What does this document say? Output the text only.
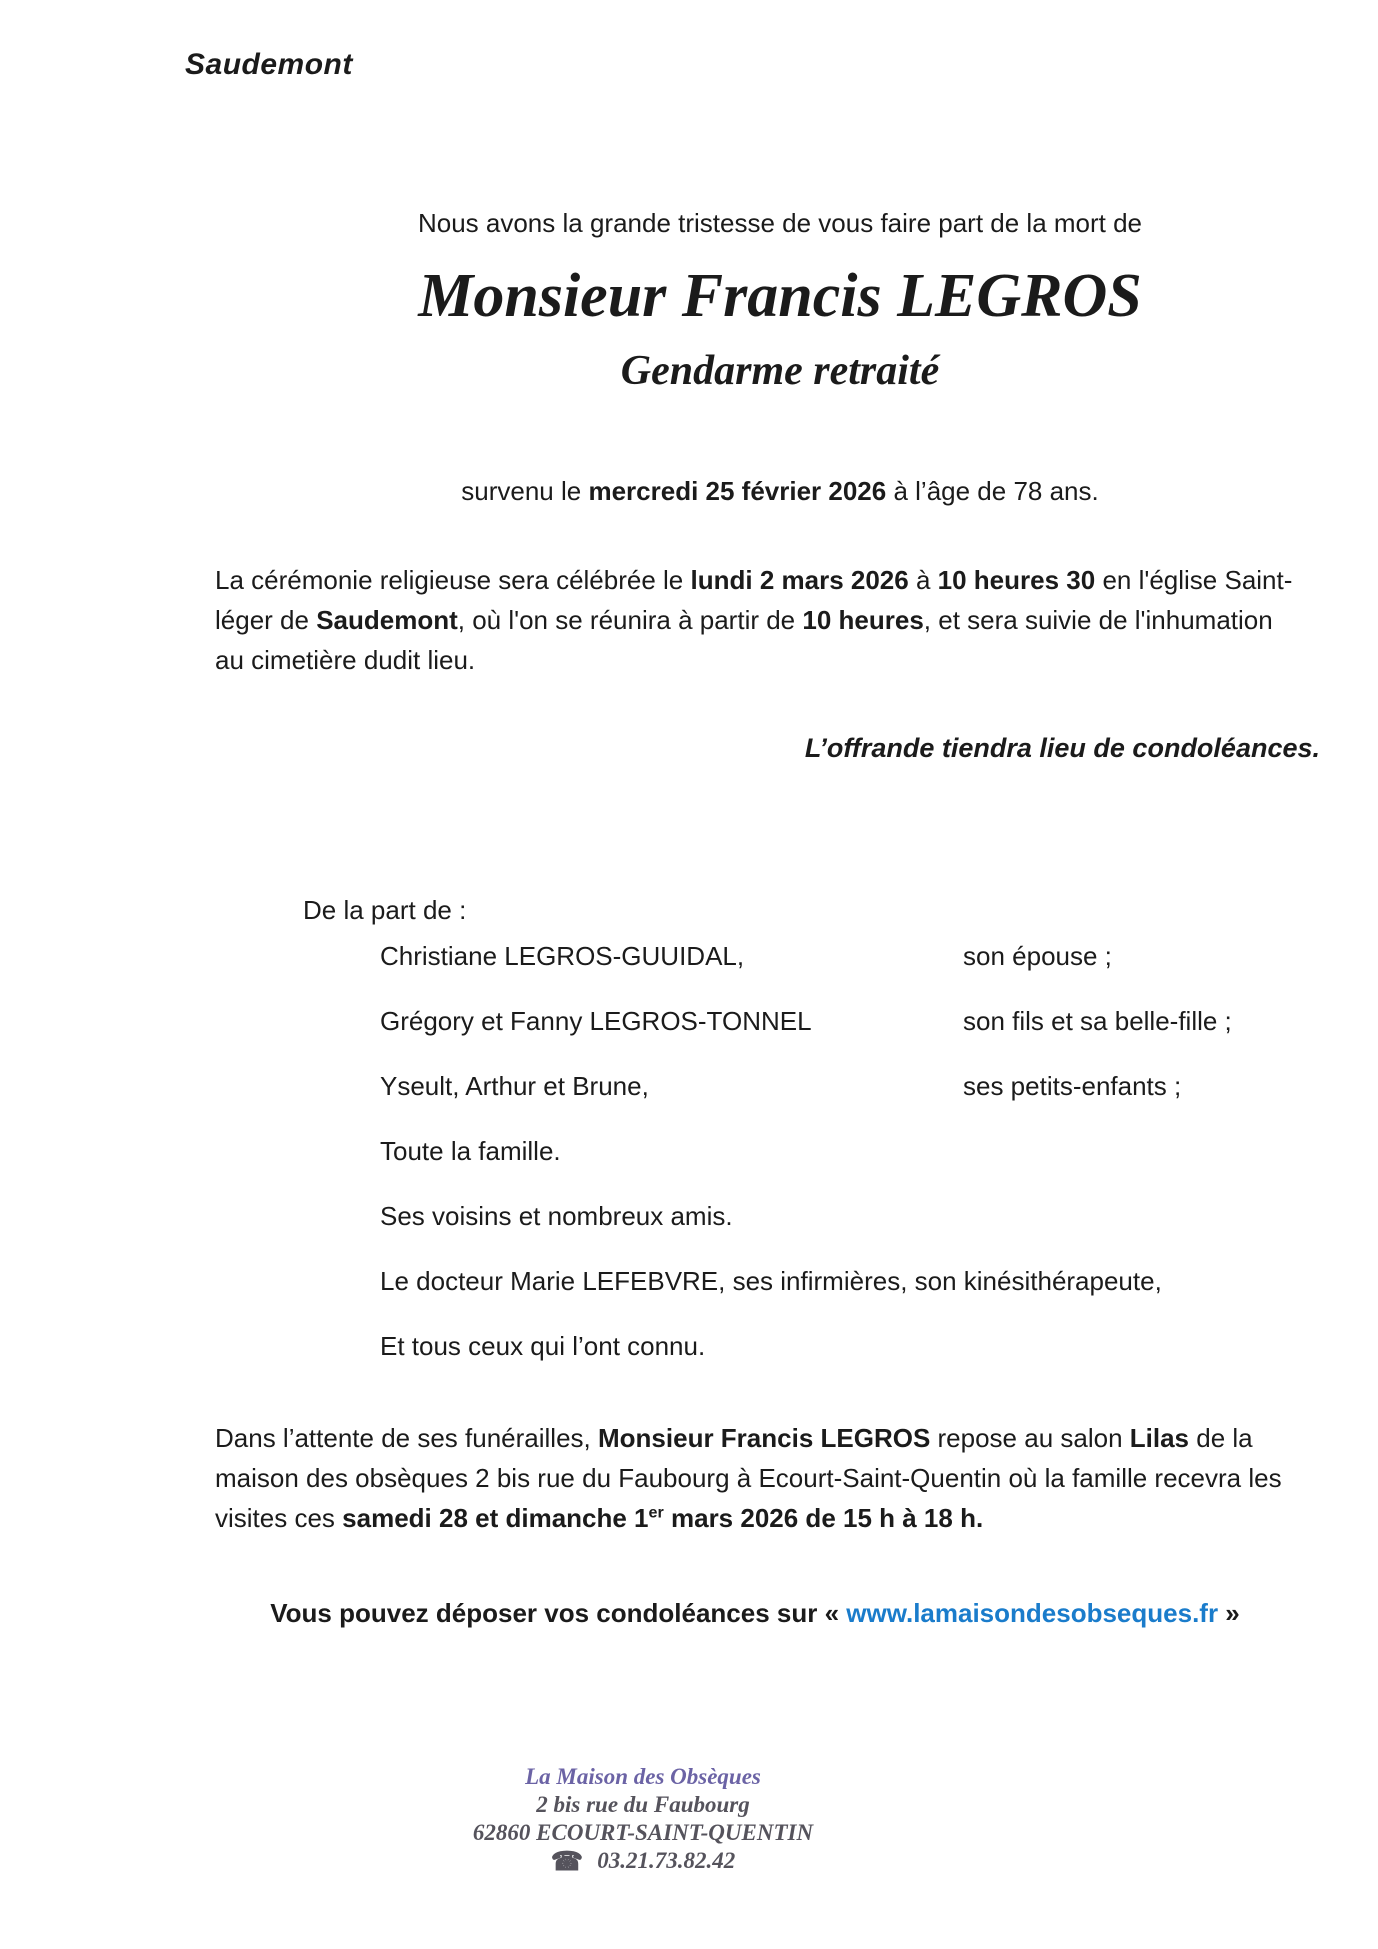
Saudemont
Nous avons la grande tristesse de vous faire part de la mort de
Monsieur Francis LEGROS
Gendarme retraité
survenu le mercredi 25 février 2026 à l’âge de 78 ans.

La cérémonie religieuse sera célébrée le lundi 2 mars 2026 à 10 heures 30 en l'église Saint-léger de Saudemont, où l'on se réunira à partir de 10 heures, et sera suivie de l'inhumation au cimetière dudit lieu.

L’offrande tiendra lieu de condoléances.
De la part de :
Christiane LEGROS-GUUIDAL,	son épouse ;
Grégory et Fanny LEGROS-TONNEL	son fils et sa belle-fille ;
Yseult, Arthur et Brune,	ses petits-enfants ;
Toute la famille.
Ses voisins et nombreux amis.
Le docteur Marie LEFEBVRE, ses infirmières, son kinésithérapeute,
Et tous ceux qui l’ont connu.

Dans l’attente de ses funérailles, Monsieur Francis LEGROS repose au salon Lilas de la maison des obsèques 2 bis rue du Faubourg à Ecourt-Saint-Quentin où la famille recevra les visites ces samedi 28 et dimanche 1er mars 2026 de 15 h à 18 h.

Vous pouvez déposer vos condoléances sur « www.lamaisondesobseques.fr »
La Maison des Obsèques
2 bis rue du Faubourg
62860 ECOURT-SAINT-QUENTIN
☎ 03.21.73.82.42
